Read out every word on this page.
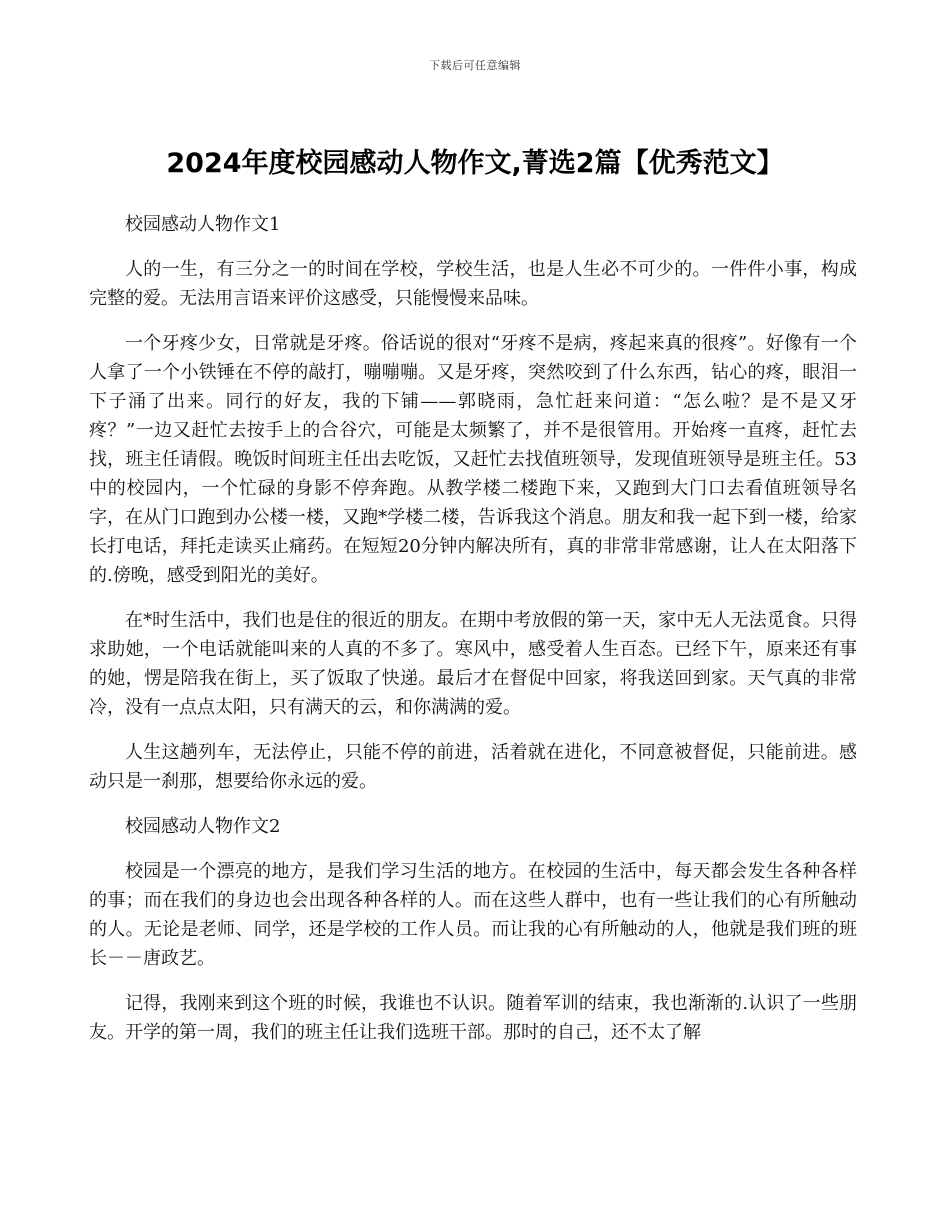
下载后可任意编辑
2024年度校园感动人物作文,菁选2篇【优秀范文】

校园感动人物作文1

人的一生，有三分之一的时间在学校，学校生活，也是人生必不可少的。一件件小事，构成完整的爱。无法用言语来评价这感受，只能慢慢来品味。

一个牙疼少女，日常就是牙疼。俗话说的很对“牙疼不是病，疼起来真的很疼”。好像有一个人拿了一个小铁锤在不停的敲打，嘣嘣嘣。又是牙疼，突然咬到了什么东西，钻心的疼，眼泪一下子涌了出来。同行的好友，我的下铺——郭晓雨，急忙赶来问道：“怎么啦？是不是又牙疼？”一边又赶忙去按手上的合谷穴，可能是太频繁了，并不是很管用。开始疼一直疼，赶忙去找，班主任请假。晚饭时间班主任出去吃饭，又赶忙去找值班领导，发现值班领导是班主任。53中的校园内，一个忙碌的身影不停奔跑。从教学楼二楼跑下来，又跑到大门口去看值班领导名字，在从门口跑到办公楼一楼，又跑*学楼二楼，告诉我这个消息。朋友和我一起下到一楼，给家长打电话，拜托走读买止痛药。在短短20分钟内解决所有，真的非常非常感谢，让人在太阳落下的.傍晚，感受到阳光的美好。

在*时生活中，我们也是住的很近的朋友。在期中考放假的第一天，家中无人无法觅食。只得求助她，一个电话就能叫来的人真的不多了。寒风中，感受着人生百态。已经下午，原来还有事的她，愣是陪我在街上，买了饭取了快递。最后才在督促中回家，将我送回到家。天气真的非常冷，没有一点点太阳，只有满天的云，和你满满的爱。

人生这趟列车，无法停止，只能不停的前进，活着就在进化，不同意被督促，只能前进。感动只是一刹那，想要给你永远的爱。

校园感动人物作文2

校园是一个漂亮的地方，是我们学习生活的地方。在校园的生活中，每天都会发生各种各样的事；而在我们的身边也会出现各种各样的人。而在这些人群中，也有一些让我们的心有所触动的人。无论是老师、同学，还是学校的工作人员。而让我的心有所触动的人，他就是我们班的班长－－唐政艺。

记得，我刚来到这个班的时候，我谁也不认识。随着军训的结束，我也渐渐的.认识了一些朋友。开学的第一周，我们的班主任让我们选班干部。那时的自己，还不太了解
